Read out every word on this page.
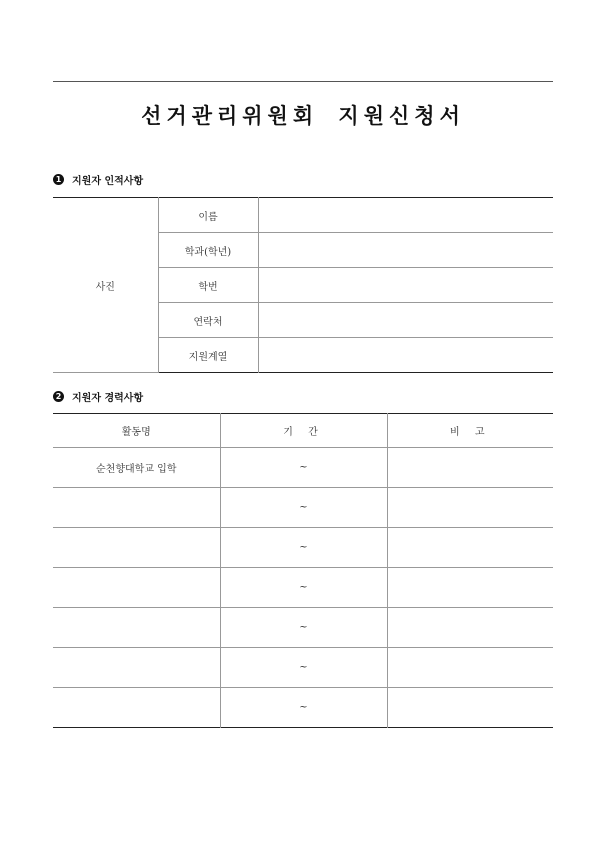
선거관리위원회 지원신청서
1 지원자 인적사항
사진	이름	
	학과(학년)	
	학번	
	연락처	
	지원계열	
2 지원자 경력사항
활동명	기 간	비 고
순천향대학교 입학	~	
	~	
	~	
	~	
	~	
	~	
	~	
